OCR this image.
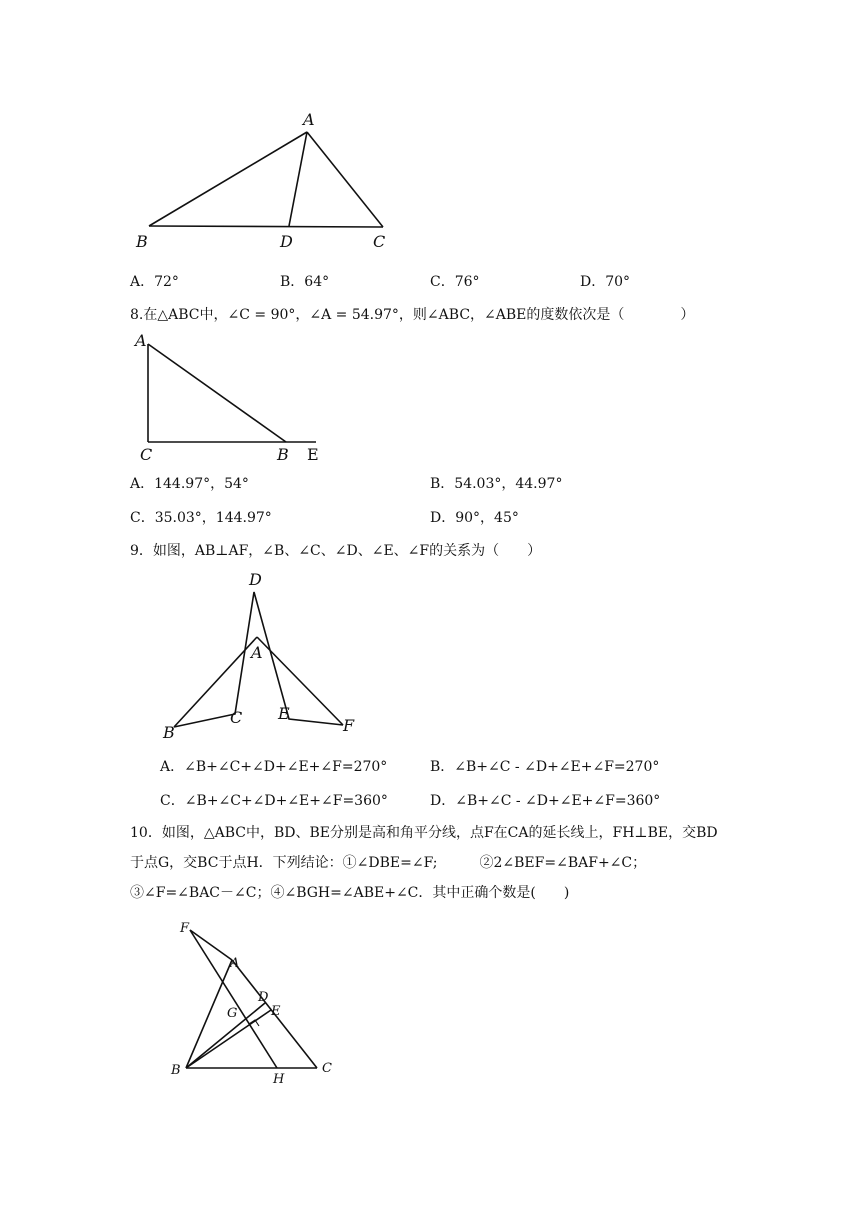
A
B	D	C
A．72°	B．64°	C．76°	D．70°
8.在△ABC中，∠C = 90°，∠A = 54.97°，则∠ABC，∠ABE的度数依次是（　　　　）
A
C	B E
A．144.97°，54°	B．54.03°，44.97°
C．35.03°，144.97°	D．90°，45°
9．如图，AB⊥AF，∠B、∠C、∠D、∠E、∠F的关系为（　　）
D
A
C E
F
B
A．∠B+∠C+∠D+∠E+∠F=270°	B．∠B+∠C - ∠D+∠E+∠F=270°
C．∠B+∠C+∠D+∠E+∠F=360°	D．∠B+∠C - ∠D+∠E+∠F=360°
10．如图，△ABC中，BD、BE分别是高和角平分线，点F在CA的延长线上，FH⊥BE，交BD于点G，交BC于点H．下列结论：①∠DBE=∠F;　　　②2∠BEF=∠BAF+∠C；③∠F=∠BAC－∠C；④∠BGH=∠ABE+∠C．其中正确个数是(　　)
F
A
D
E
G
B
H
C
